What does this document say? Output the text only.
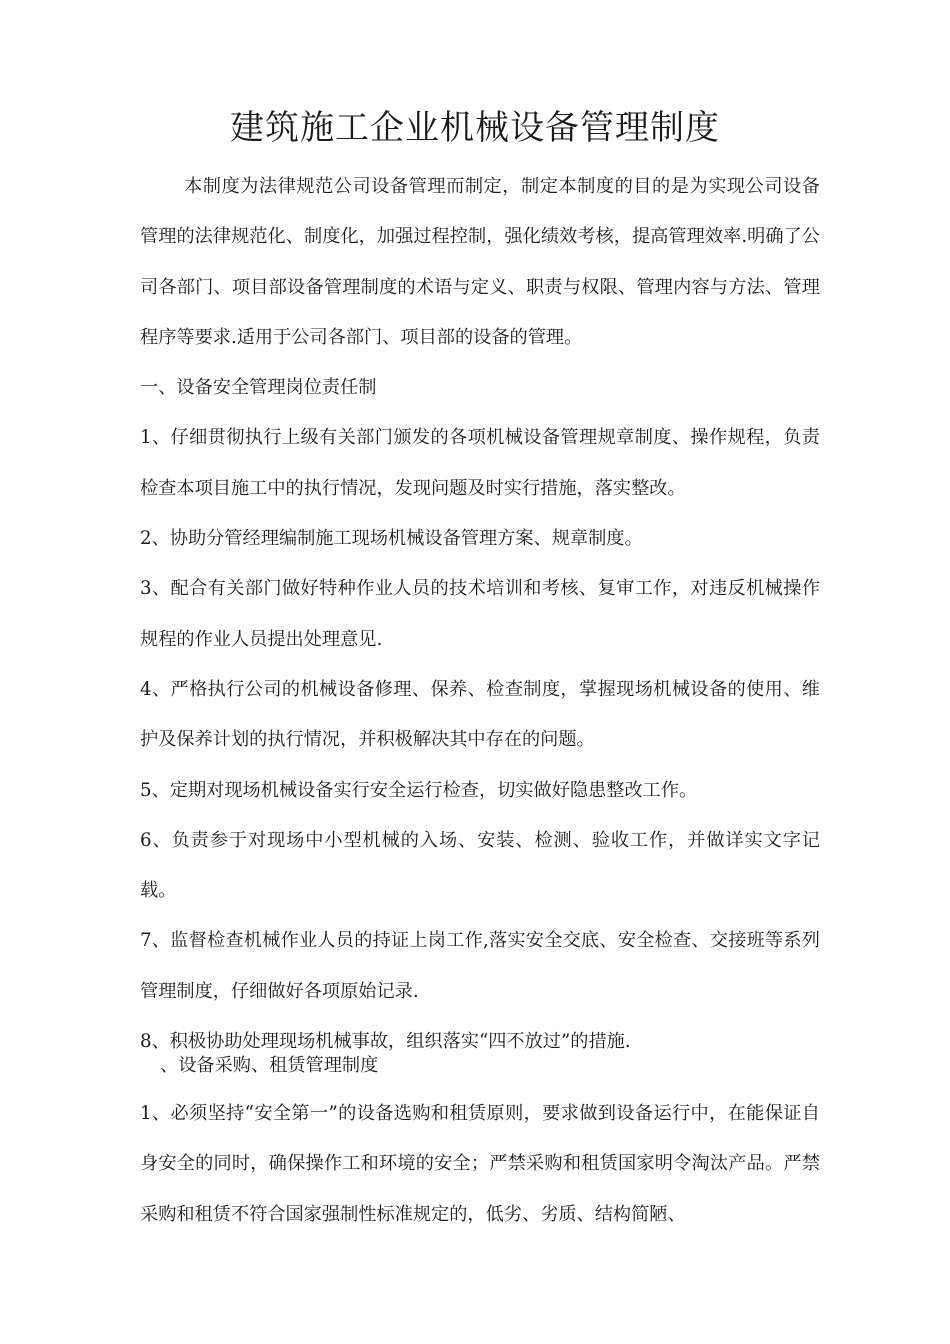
建筑施工企业机械设备管理制度

本制度为法律规范公司设备管理而制定，制定本制度的目的是为实现公司设备管理的法律规范化、制度化，加强过程控制，强化绩效考核，提高管理效率.明确了公司各部门、项目部设备管理制度的术语与定义、职责与权限、管理内容与方法、管理程序等要求.适用于公司各部门、项目部的设备的管理。

一、设备安全管理岗位责任制

1、仔细贯彻执行上级有关部门颁发的各项机械设备管理规章制度、操作规程，负责检查本项目施工中的执行情况，发现问题及时实行措施，落实整改。

2、协助分管经理编制施工现场机械设备管理方案、规章制度。

3、配合有关部门做好特种作业人员的技术培训和考核、复审工作，对违反机械操作规程的作业人员提出处理意见.

4、严格执行公司的机械设备修理、保养、检查制度，掌握现场机械设备的使用、维护及保养计划的执行情况，并积极解决其中存在的问题。

5、定期对现场机械设备实行安全运行检查，切实做好隐患整改工作。

6、负责参于对现场中小型机械的入场、安装、检测、验收工作，并做详实文字记载。

7、监督检查机械作业人员的持证上岗工作,落实安全交底、安全检查、交接班等系列管理制度，仔细做好各项原始记录.

8、积极协助处理现场机械事故，组织落实“四不放过”的措施.

、设备采购、租赁管理制度

1、必须坚持“安全第一”的设备选购和租赁原则，要求做到设备运行中，在能保证自身安全的同时，确保操作工和环境的安全；严禁采购和租赁国家明令淘汰产品。严禁采购和租赁不符合国家强制性标准规定的，低劣、劣质、结构简陋、
